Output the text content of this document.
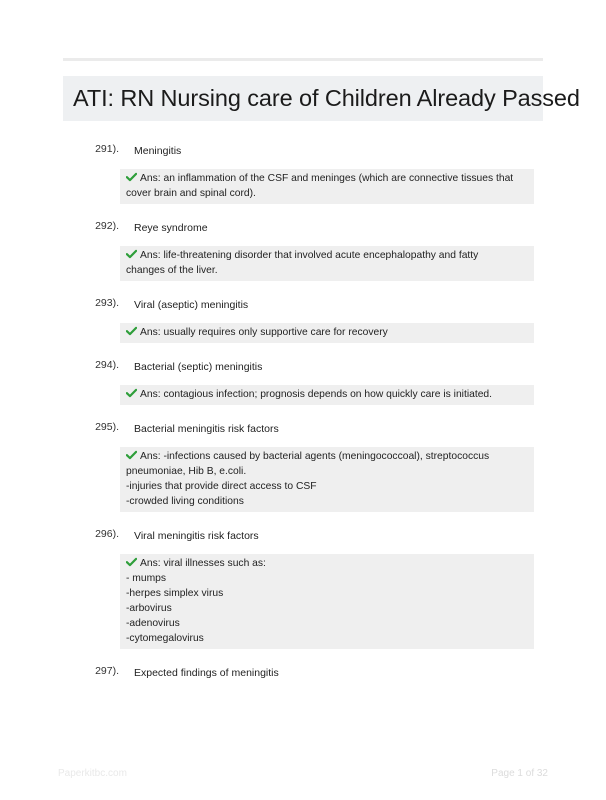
ATI: RN Nursing care of Children Already Passed
291). Meningitis
Ans: an inflammation of the CSF and meninges (which are connective tissues that
cover brain and spinal cord).
292). Reye syndrome
Ans: life-threatening disorder that involved acute encephalopathy and fatty
changes of the liver.
293). Viral (aseptic) meningitis
Ans: usually requires only supportive care for recovery
294). Bacterial (septic) meningitis
Ans: contagious infection; prognosis depends on how quickly care is initiated.
295). Bacterial meningitis risk factors
Ans: -infections caused by bacterial agents (meningococcoal), streptococcus
pneumoniae, Hib B, e.coli.
-injuries that provide direct access to CSF
-crowded living conditions
296). Viral meningitis risk factors
Ans: viral illnesses such as:
- mumps
-herpes simplex virus
-arbovirus
-adenovirus
-cytomegalovirus
297). Expected findings of meningitis
Paperkitbc.com	Page 1 of 32
